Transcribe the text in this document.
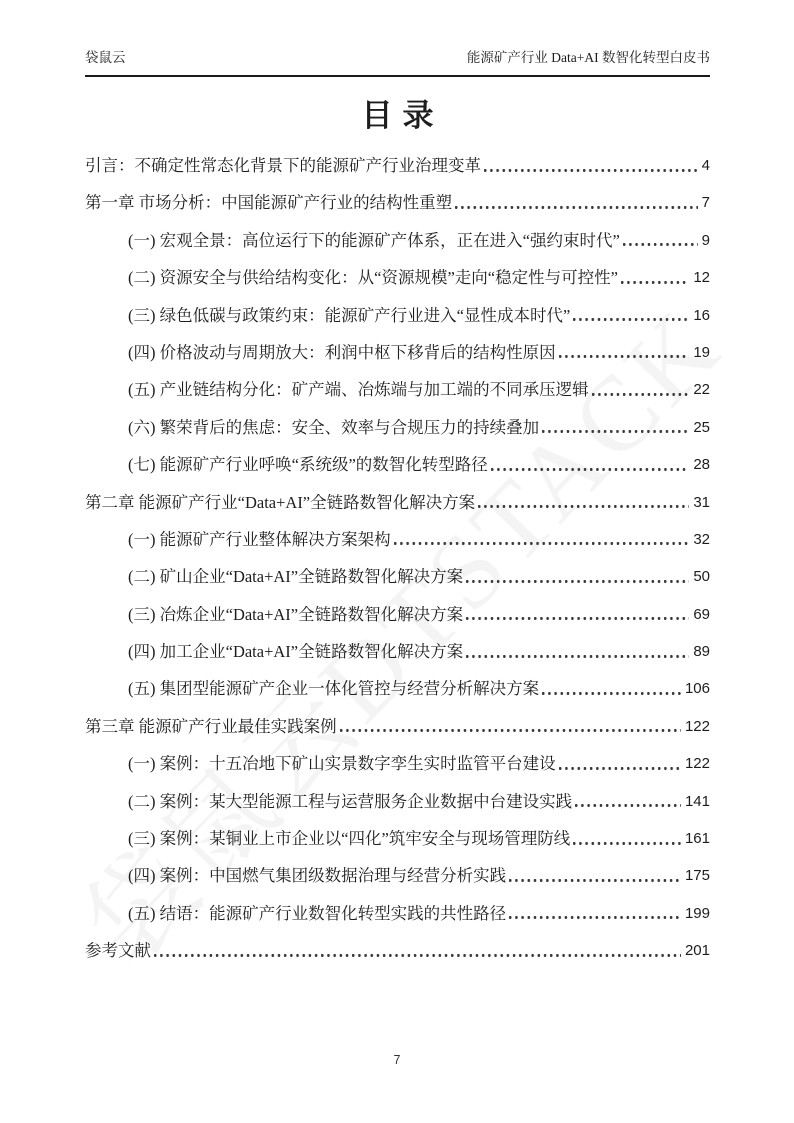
袋鼠云	能源矿产行业 Data+AI 数智化转型白皮书
目录
引言：不确定性常态化背景下的能源矿产行业治理变革	4
第一章 市场分析：中国能源矿产行业的结构性重塑	7
(一) 宏观全景：高位运行下的能源矿产体系，正在进入“强约束时代”	9
(二) 资源安全与供给结构变化：从“资源规模”走向“稳定性与可控性”	12
(三) 绿色低碳与政策约束：能源矿产行业进入“显性成本时代”	16
(四) 价格波动与周期放大：利润中枢下移背后的结构性原因	19
(五) 产业链结构分化：矿产端、冶炼端与加工端的不同承压逻辑	22
(六) 繁荣背后的焦虑：安全、效率与合规压力的持续叠加	25
(七) 能源矿产行业呼唤“系统级”的数智化转型路径	28
第二章 能源矿产行业“Data+AI”全链路数智化解决方案	31
(一) 能源矿产行业整体解决方案架构	32
(二) 矿山企业“Data+AI”全链路数智化解决方案	50
(三) 冶炼企业“Data+AI”全链路数智化解决方案	69
(四) 加工企业“Data+AI”全链路数智化解决方案	89
(五) 集团型能源矿产企业一体化管控与经营分析解决方案	106
第三章 能源矿产行业最佳实践案例	122
(一) 案例：十五冶地下矿山实景数字孪生实时监管平台建设	122
(二) 案例：某大型能源工程与运营服务企业数据中台建设实践	141
(三) 案例：某铜业上市企业以“四化”筑牢安全与现场管理防线	161
(四) 案例：中国燃气集团级数据治理与经营分析实践	175
(五) 结语：能源矿产行业数智化转型实践的共性路径	199
参考文献	201
7
